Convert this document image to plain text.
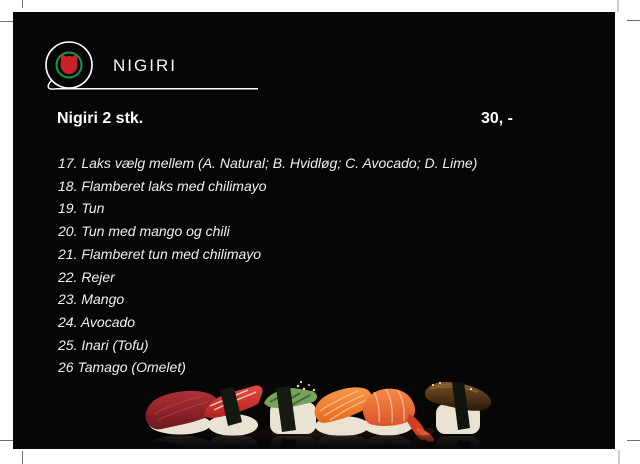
NIGIRI
Nigiri 2 stk.	30, -
17. Laks vælg mellem (A. Natural; B. Hvidløg; C. Avocado; D. Lime)
18. Flamberet laks med chilimayo
19. Tun
20. Tun med mango og chili
21. Flamberet tun med chilimayo
22. Rejer
23. Mango
24. Avocado
25. Inari (Tofu)
26 Tamago (Omelet)
